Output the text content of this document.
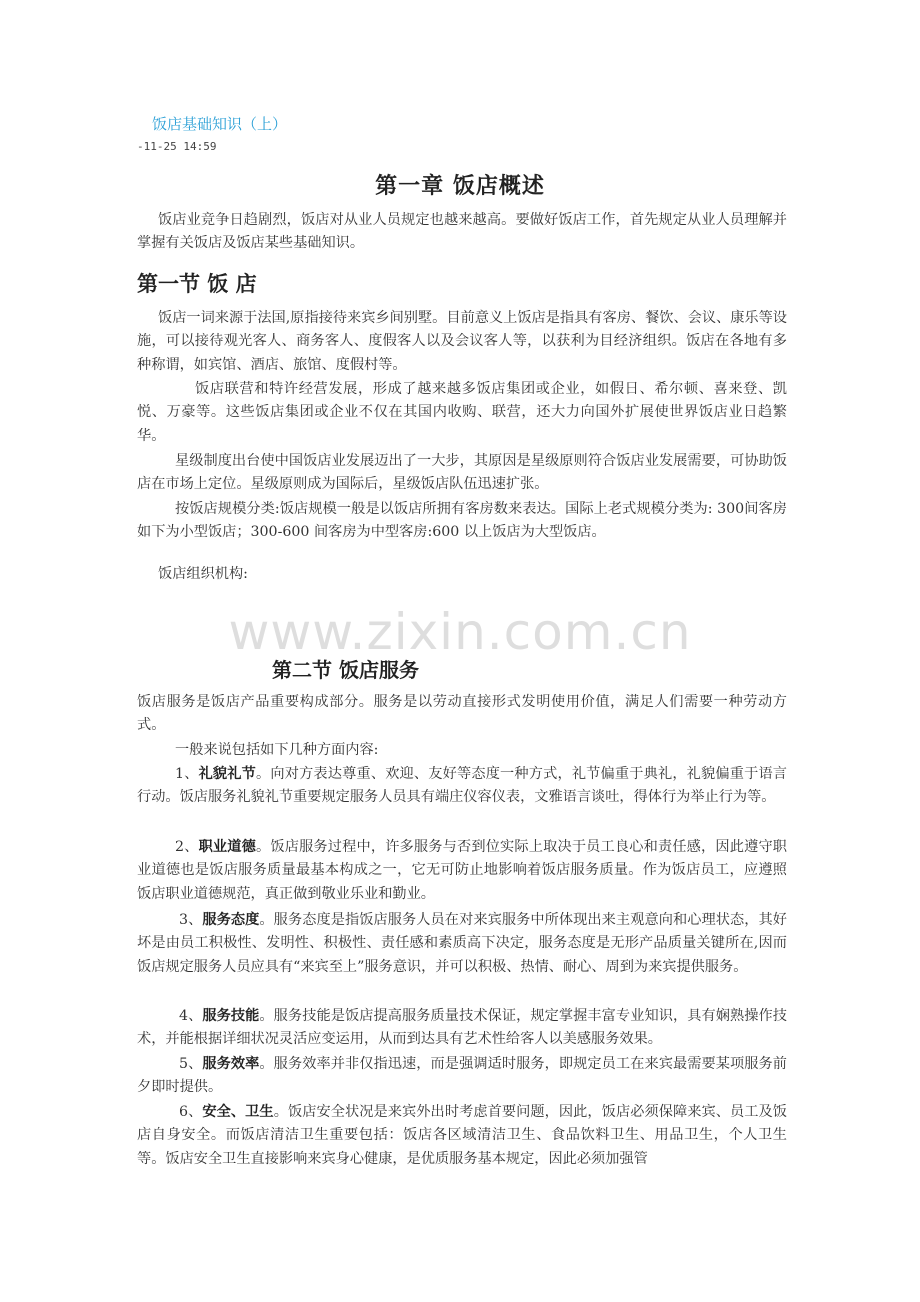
饭店基础知识（上）
-11-25 14:59
第一章 饭店概述

饭店业竞争日趋剧烈，饭店对从业人员规定也越来越高。要做好饭店工作，首先规定从业人员理解并掌握有关饭店及饭店某些基础知识。

第一节 饭 店

饭店一词来源于法国,原指接待来宾乡间别墅。目前意义上饭店是指具有客房、餐饮、会议、康乐等设施，可以接待观光客人、商务客人、度假客人以及会议客人等，以获利为目经济组织。饭店在各地有多种称谓，如宾馆、酒店、旅馆、度假村等。

饭店联营和特许经营发展，形成了越来越多饭店集团或企业，如假日、希尔顿、喜来登、凯悦、万豪等。这些饭店集团或企业不仅在其国内收购、联营，还大力向国外扩展使世界饭店业日趋繁华。

星级制度出台使中国饭店业发展迈出了一大步，其原因是星级原则符合饭店业发展需要，可协助饭店在市场上定位。星级原则成为国际后，星级饭店队伍迅速扩张。

按饭店规模分类:饭店规模一般是以饭店所拥有客房数来表达。国际上老式规模分类为: 300间客房如下为小型饭店；300-600 间客房为中型客房:600 以上饭店为大型饭店。

饭店组织机构:

www.zixin.com.cn
第二节 饭店服务

饭店服务是饭店产品重要构成部分。服务是以劳动直接形式发明使用价值，满足人们需要一种劳动方式。

一般来说包括如下几种方面内容:

1、礼貌礼节。向对方表达尊重、欢迎、友好等态度一种方式，礼节偏重于典礼，礼貌偏重于语言行动。饭店服务礼貌礼节重要规定服务人员具有端庄仪容仪表，文雅语言谈吐，得体行为举止行为等。

2、职业道德。饭店服务过程中，许多服务与否到位实际上取决于员工良心和责任感，因此遵守职业道德也是饭店服务质量最基本构成之一，它无可防止地影响着饭店服务质量。作为饭店员工，应遵照饭店职业道德规范，真正做到敬业乐业和勤业。

3、服务态度。服务态度是指饭店服务人员在对来宾服务中所体现出来主观意向和心理状态，其好坏是由员工积极性、发明性、积极性、责任感和素质高下决定，服务态度是无形产品质量关键所在,因而饭店规定服务人员应具有“来宾至上”服务意识，并可以积极、热情、耐心、周到为来宾提供服务。

4、服务技能。服务技能是饭店提高服务质量技术保证，规定掌握丰富专业知识，具有娴熟操作技术，并能根据详细状况灵活应变运用，从而到达具有艺术性给客人以美感服务效果。

5、服务效率。服务效率并非仅指迅速，而是强调适时服务，即规定员工在来宾最需要某项服务前夕即时提供。

6、安全、卫生。饭店安全状况是来宾外出时考虑首要问题，因此，饭店必须保障来宾、员工及饭店自身安全。而饭店清洁卫生重要包括：饭店各区域清洁卫生、食品饮料卫生、用品卫生，个人卫生等。饭店安全卫生直接影响来宾身心健康，是优质服务基本规定，因此必须加强管
